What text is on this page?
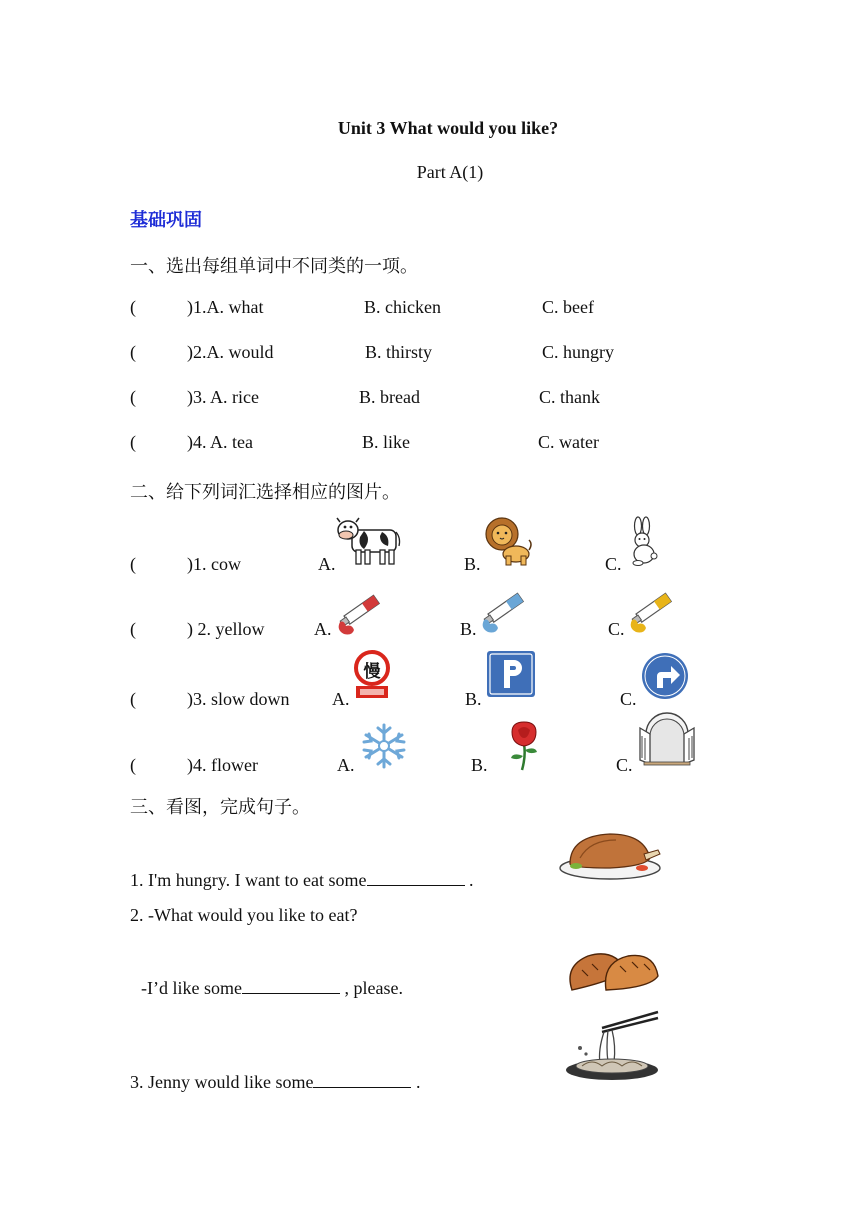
Unit 3 What would you like?
Part A(1)
基础巩固
一、选出每组单词中不同类的一项。
(	)1.A. what	B. chicken	C. beef
(	)2.A. would	B. thirsty	C. hungry
(	)3. A. rice	B. bread	C. thank
(	)4. A. tea	B. like	C. water
二、给下列词汇选择相应的图片。
(	)1. cow	A.	B.	C.
(	) 2. yellow	A.	B.	C.
(	)3. slow down A.	B.	C.
慢
(	)4. flower	A.	B.	C.
三、看图，完成句子。
1. I'm hungry. I want to eat some	.
2. -What would you like to eat?
-I’d like some	, please.
3. Jenny would like some	.
